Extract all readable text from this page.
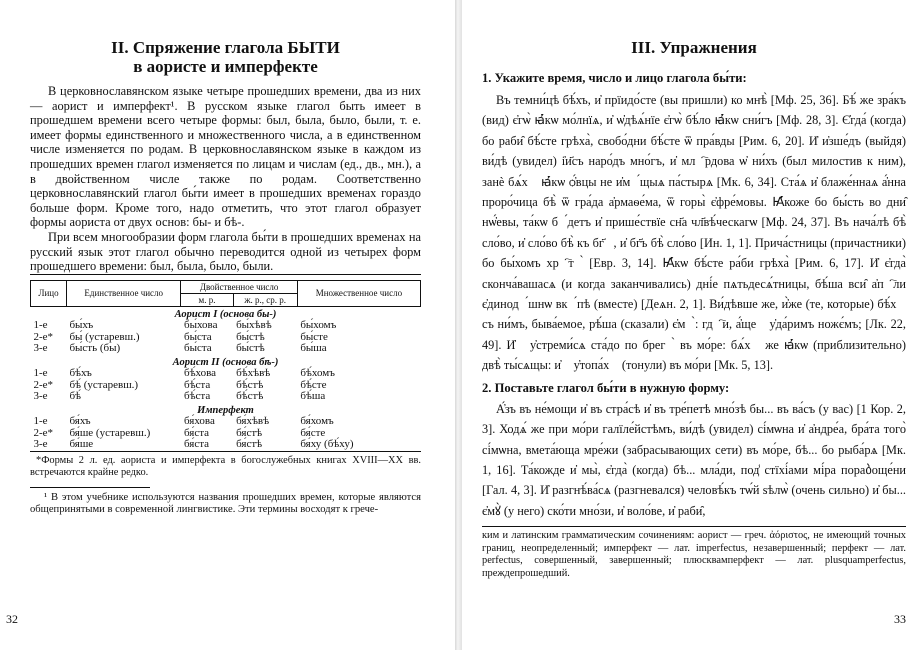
II. Спряжение глагола БЫТИ
в аористе и имперфекте

В церковнославянском языке четыре прошедших времени, два из них — аорист и имперфект¹. В русском языке глагол быть имеет в прошедшем времени всего четыре формы: был, была, было, были, т. е. имеет формы единственного и множественного числа, а в единственном числе изменяется по родам. В церковнославянском языке в каждом из прошедших времен глагол изменяется по лицам и числам (ед., дв., мн.), а в двойственном числе также по родам. Соответственно церковнославянский глагол бы́ти имеет в прошедших временах гораздо больше форм. Кроме того, надо отметить, что этот глагол образует формы аориста от двух основ: бы- и бѣ-.

При всем многообразии форм глагола бы́ти в прошедших временах на русский язык этот глагол обычно переводится одной из четырех форм прошедшего времени: был, была, было, были.

Лицо	Единственное число	Двойственное число		Множественное число
		м. р.	ж. р., ср. р.	
Аорист I (основа бы-)				
1-е	бы́хъ	бы́хова	бы́хѣвѣ	бы́хомъ
2-е*	бы́ (устаревш.)	бы́ста	бы́стѣ	бы́сте
3-е	бы́сть (бы)	бы́ста	бы́стѣ	бы́ша
Аорист II (основа бѣ-)				
1-е	бѣ́хъ	бѣ́хова	бѣ́хѣвѣ	бѣ́хомъ
2-е*	бѣ́ (устаревш.)	бѣ́ста	бѣ́стѣ	бѣ́сте
3-е	бѣ́	бѣ́ста	бѣ́стѣ	бѣ́ша
Имперфект				
1-е	бя́хъ	бя́хова	бя́хѣвѣ	бя́хомъ
2-е*	бя́ше (устаревш.)	бя́ста	бя́стѣ	бя́сте
3-е	бя́ше	бя́ста	бя́стѣ	бя́ху (бѣ́ху)

*Формы 2 л. ед. аориста и имперфекта в богослужебных книгах XVIII—XX вв. встречаются крайне редко.

¹ В этом учебнике используются названия прошедших времен, которые являются общепринятыми в современной лингвистике. Эти термины восходят к грече-

32
III. Упражнения
1. Укажите время, число и лицо глагола бы́ти:

Въ темни́цѣ бѣ́хъ, и҆ прїидо́сте (вы пришли) ко мнѣ̀ [Мф. 25, 36]. Бѣ́ же зра́къ (вид) є҆гѡ̀ ꙗ҆́кѡ мо́лнїѧ, и҆ ѡ҆дѣѧ́нїе є҆гѡ̀ бѣ́ло ꙗ҆́кѡ сни́гъ [Мф. 28, 3]. Є҆гда́ (когда) бо раби̑ бѣ́сте грѣха̀, свобо́дни бѣ́сте ѿ пра́вды [Рим. 6, 20]. И҆ и҆зше́дъ (выйдя) ви́дѣ (увидел) і҆и҃съ наро́дъ мно́гъ, и҆ млⷭ҇рдова ѡ҆ ни́хъ (был милостив к ним), занѐ бѧ́хꙋ ꙗ҆́кѡ ѻ҆́вцы не и҆мꙋ́щыѧ па́стырѧ [Мк. 6, 34]. Ста́ѧ и҆ блаже́ннаѧ а҆́нна проро́чица бѣ̀ ѿ гра́да а҆рмаѳе́ма, ѿ горы̀ є҆фре́мовы. Ꙗ҆́коже бо бы́сть во дни̑ нѡ҆́евы, та́кѡ бꙋ́детъ и҆ прише́ствїе сн҃а чл҃вѣ́ческагѡ [Мф. 24, 37]. Въ нача́лѣ бѣ̀ сло́во, и҆ сло́во бѣ̀ къ бг҃ꙋ, и҆ бг҃ъ бѣ̀ сло́во [Ин. 1, 1]. Прича́стницы (причастники) бо бы́хомъ хрⷭ҇тꙋ̀ [Евр. 3, 14]. Ꙗ҆́кѡ бѣ́сте ра́би грѣха̀ [Рим. 6, 17]. И҆ є҆гда̀ сконча́вашасѧ (и когда заканчивались) дні́е пѧтьдесѧ́тницы, бѣ́ша вси̑ а҆пⷭ҇ли є҆динодꙋ́шнѡ вкꙋ́пѣ (вместе) [Деѧн. 2, 1]. Ви́дѣвше же, и҆̀же (те, которые) бѣ́хꙋ съ ни́мъ, быва́емое, рѣ́ша (сказали) є҆мꙋ̀: гдⷭ҇и, а҆́ще ᲂу҆да́римъ ножє́мъ; [Лк. 22, 49]. И҆ ᲂу҆стреми́сѧ ста́до по брегꙋ̀ въ мо́ре: бѧ́хꙋ же ꙗ҆́кѡ (приблизительно) двѣ̀ ты́сѧщы: и҆ ᲂу҆топа́хꙋ (тонули) въ мо́ри [Мк. 5, 13].

2. Поставьте глагол бы́ти в нужную форму:

А҆́зъ въ не́мощи и҆ въ стра́сѣ и҆ въ тре́петѣ мно́зѣ бы... въ ва́съ (у вас) [1 Кор. 2, 3]. Ходѧ́ же при мо́ри галїле́йстѣмъ, ви́дѣ (увидел) сі́мѡна и҆ а҆ндре́а, бра́та того̀ сі́мѡна, вмета́юща мре́жи (забрасывающих сети) въ мо́ре, бѣ... бо рыба́рѧ [Мк. 1, 16]. Та́кожде и҆ мы̀, є҆гда̀ (когда) бѣ... мла́ди, под̾ стїхі́ами мі́ра пораბоще́ни [Гал. 4, 3]. И҆ разгнѣ́ва́сѧ (разгневался) человѣ́къ тѡ́й ѕѣлѡ̀ (очень сильно) и҆ бы... є҆мꙋ̀ (у него) ско́ти мно́зи, и҆ воло́ве, и҆ раби̑,

ким и латинским грамматическим сочинениям: аорист — греч. ἀόριστος, не имеющий точных границ, неопределенный; имперфект — лат. imperfectus, незавершенный; перфект — лат. perfectus, совершенный, завершенный; плюсквамперфект — лат. plusquamperfectus, преждепрошедший.

33
